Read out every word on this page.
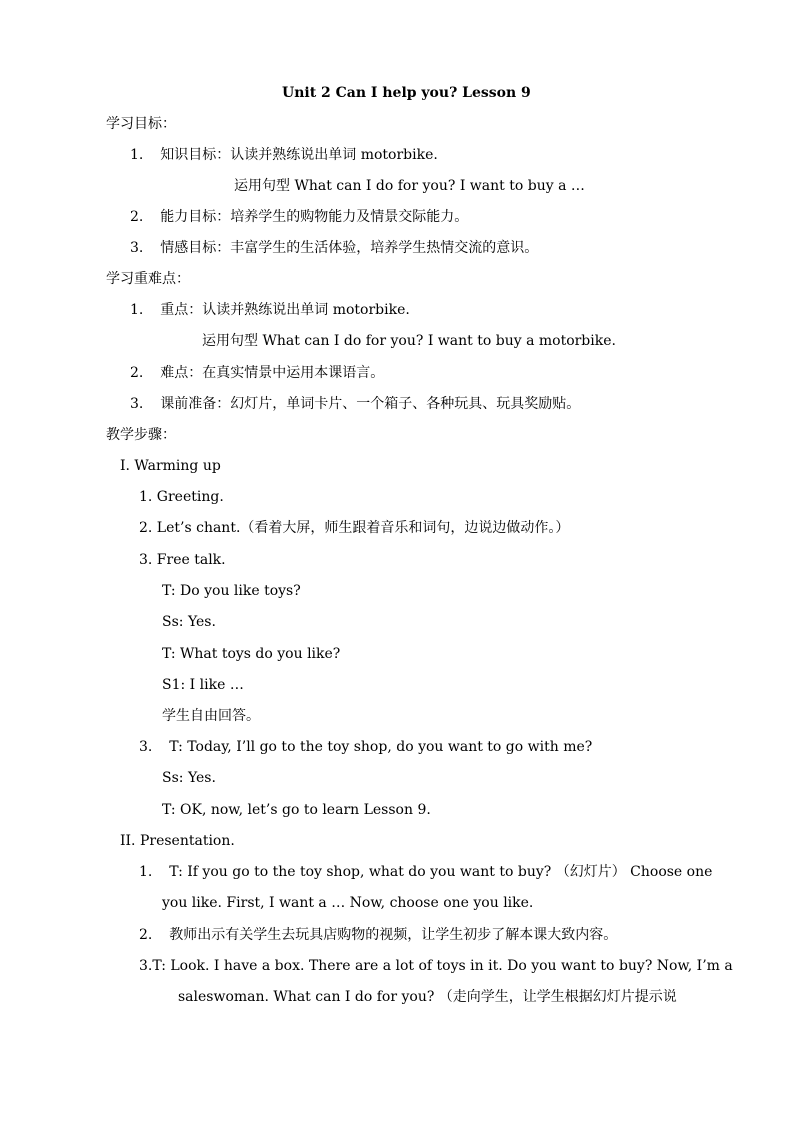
Unit 2 Can I help you? Lesson 9
学习目标：
1. 知识目标：认读并熟练说出单词 motorbike.
运用句型 What can I do for you? I want to buy a …
2. 能力目标：培养学生的购物能力及情景交际能力。
3. 情感目标：丰富学生的生活体验，培养学生热情交流的意识。
学习重难点：
1. 重点：认读并熟练说出单词 motorbike.
运用句型 What can I do for you? I want to buy a motorbike.
2. 难点：在真实情景中运用本课语言。
3. 课前准备：幻灯片，单词卡片、一个箱子、各种玩具、玩具奖励贴。
教学步骤：
I. Warming up
1. Greeting.
2. Let’s chant.（看着大屏，师生跟着音乐和词句，边说边做动作。）
3. Free talk.
T: Do you like toys?
Ss: Yes.
T: What toys do you like?
S1: I like …
学生自由回答。
3. T: Today, I’ll go to the toy shop, do you want to go with me?
Ss: Yes.
T: OK, now, let’s go to learn Lesson 9.
II. Presentation.
1. T: If you go to the toy shop, what do you want to buy? （幻灯片） Choose one
you like. First, I want a … Now, choose one you like.
2. 教师出示有关学生去玩具店购物的视频，让学生初步了解本课大致内容。
3.T: Look. I have a box. There are a lot of toys in it. Do you want to buy? Now, I’m a
saleswoman. What can I do for you? （走向学生，让学生根据幻灯片提示说
